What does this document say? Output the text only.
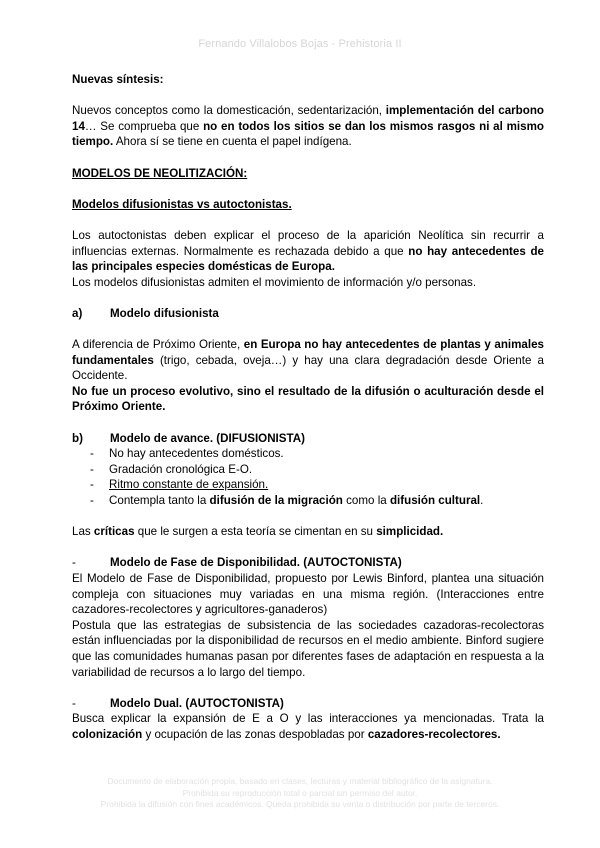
Fernando Villalobos Bojas - Prehistoria II

Nuevas síntesis:

Nuevos conceptos como la domesticación, sedentarización, implementación del carbono 14… Se comprueba que no en todos los sitios se dan los mismos rasgos ni al mismo tiempo. Ahora sí se tiene en cuenta el papel indígena.

MODELOS DE NEOLITIZACIÓN:

Modelos difusionistas vs autoctonistas.

Los autoctonistas deben explicar el proceso de la aparición Neolítica sin recurrir a influencias externas. Normalmente es rechazada debido a que no hay antecedentes de las principales especies domésticas de Europa.

Los modelos difusionistas admiten el movimiento de información y/o personas.

a)	Modelo difusionista

A diferencia de Próximo Oriente, en Europa no hay antecedentes de plantas y animales fundamentales (trigo, cebada, oveja…) y hay una clara degradación desde Oriente a Occidente.

No fue un proceso evolutivo, sino el resultado de la difusión o aculturación desde el Próximo Oriente.

b)	Modelo de avance. (DIFUSIONISTA)
- No hay antecedentes domésticos.
- Gradación cronológica E-O.
- Ritmo constante de expansión.
- Contempla tanto la difusión de la migración como la difusión cultural.

Las críticas que le surgen a esta teoría se cimentan en su simplicidad.

-	Modelo de Fase de Disponibilidad. (AUTOCTONISTA)

El Modelo de Fase de Disponibilidad, propuesto por Lewis Binford, plantea una situación compleja con situaciones muy variadas en una misma región. (Interacciones entre cazadores-recolectores y agricultores-ganaderos)

Postula que las estrategias de subsistencia de las sociedades cazadoras-recolectoras están influenciadas por la disponibilidad de recursos en el medio ambiente. Binford sugiere que las comunidades humanas pasan por diferentes fases de adaptación en respuesta a la variabilidad de recursos a lo largo del tiempo.

-	Modelo Dual. (AUTOCTONISTA)

Busca explicar la expansión de E a O y las interacciones ya mencionadas. Trata la colonización y ocupación de las zonas despobladas por cazadores-recolectores.

Documento de elaboración propia, basado en clases, lecturas y material bibliográfico de la asignatura.
Prohibida su reproducción total o parcial sin permiso del autor.
Prohibida la difusión con fines académicos. Queda prohibida su venta o distribución por parte de terceros.
